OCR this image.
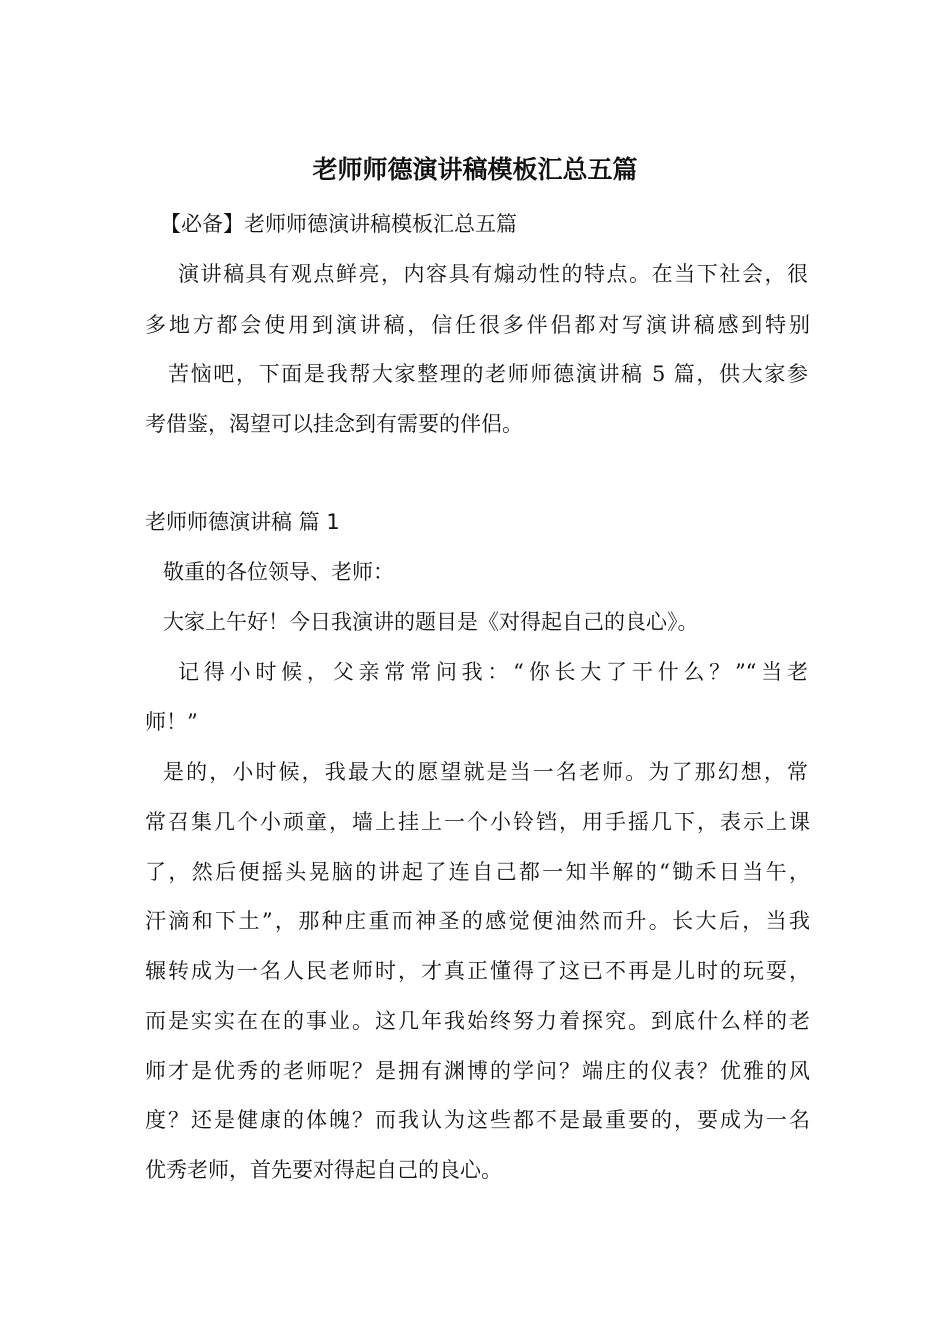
老师师德演讲稿模板汇总五篇

【必备】老师师德演讲稿模板汇总五篇

演讲稿具有观点鲜亮，内容具有煽动性的特点。在当下社会，很

多地方都会使用到演讲稿，信任很多伴侣都对写演讲稿感到特别

苦恼吧，下面是我帮大家整理的老师师德演讲稿 5 篇，供大家参

考借鉴，渴望可以挂念到有需要的伴侣。

老师师德演讲稿 篇 1

敬重的各位领导、老师：

大家上午好！今日我演讲的题目是《对得起自己的良心》。

记得小时候，父亲常常问我：“你长大了干什么？”“当老

师！”

是的，小时候，我最大的愿望就是当一名老师。为了那幻想，常

常召集几个小顽童，墙上挂上一个小铃铛，用手摇几下，表示上课

了，然后便摇头晃脑的讲起了连自己都一知半解的“锄禾日当午，

汗滴和下土”，那种庄重而神圣的感觉便油然而升。长大后，当我

辗转成为一名人民老师时，才真正懂得了这已不再是儿时的玩耍，

而是实实在在的事业。这几年我始终努力着探究。到底什么样的老

师才是优秀的老师呢？是拥有渊博的学问？端庄的仪表？优雅的风

度？还是健康的体魄？而我认为这些都不是最重要的，要成为一名

优秀老师，首先要对得起自己的良心。
